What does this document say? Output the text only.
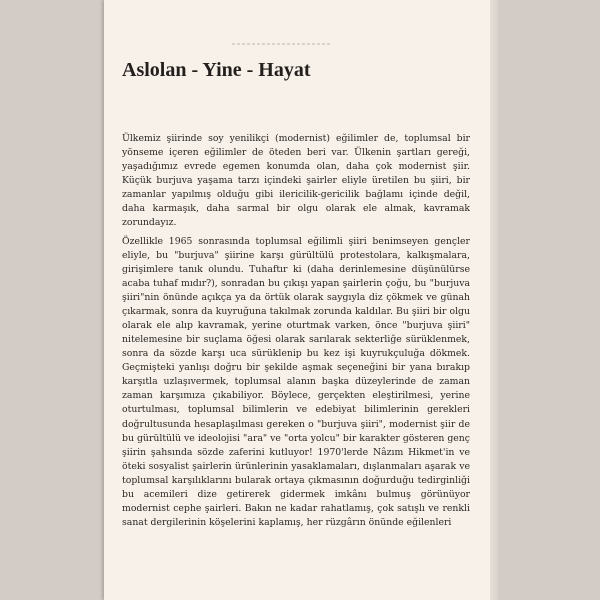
Aslolan - Yine - Hayat

Ülkemiz şiirinde soy yenilikçi (modernist) eğilimler de, toplumsal bir yönseme içeren eğilimler de öteden beri var. Ülkenin şartları gereği, yaşadığımız evrede egemen konumda olan, daha çok modernist şiir. Küçük burjuva yaşama tarzı içindeki şairler eliyle üretilen bu şiiri, bir zamanlar yapılmış olduğu gibi ilericilik-gericilik bağlamı içinde değil, daha karmaşık, daha sarmal bir olgu olarak ele almak, kavramak zorundayız.

Özellikle 1965 sonrasında toplumsal eğilimli şiiri benimseyen gençler eliyle, bu "burjuva" şiirine karşı gürültülü protestolara, kalkışmalara, girişimlere tanık olundu. Tuhaftır ki (daha derinlemesine düşünülürse acaba tuhaf mıdır?), sonradan bu çıkışı yapan şairlerin çoğu, bu "burjuva şiiri"nin önünde açıkça ya da örtük olarak saygıyla diz çökmek ve günah çıkarmak, sonra da kuyruğuna takılmak zorunda kaldılar. Bu şiiri bir olgu olarak ele alıp kavramak, yerine oturtmak varken, önce "burjuva şiiri" nitelemesine bir suçlama öğesi olarak sarılarak sekterliğe sürüklenmek, sonra da sözde karşı uca sürüklenip bu kez işi kuyrukçuluğa dökmek. Geçmişteki yanlışı doğru bir şekilde aşmak seçeneğini bir yana bırakıp karşıtla uzlaşıvermek, toplumsal alanın başka düzeylerinde de zaman zaman karşımıza çıkabiliyor. Böylece, gerçekten eleştirilmesi, yerine oturtulması, toplumsal bilimlerin ve edebiyat bilimlerinin gerekleri doğrultusunda hesaplaşılması gereken o "burjuva şiiri", modernist şiir de bu gürültülü ve ideolojisi "ara" ve "orta yolcu" bir karakter gösteren genç şiirin şahsında sözde zaferini kutluyor! 1970'lerde Nâzım Hikmet'in ve öteki sosyalist şairlerin ürünlerinin yasaklamaları, dışlanmaları aşarak ve toplumsal karşılıklarını bularak ortaya çıkmasının doğurduğu tedirginliği bu acemileri dize getirerek gidermek imkânı bulmuş görünüyor modernist cephe şairleri. Bakın ne kadar rahatlamış, çok satışlı ve renkli sanat dergilerinin köşelerini kaplamış, her rüzgârın önünde eğilenleri
